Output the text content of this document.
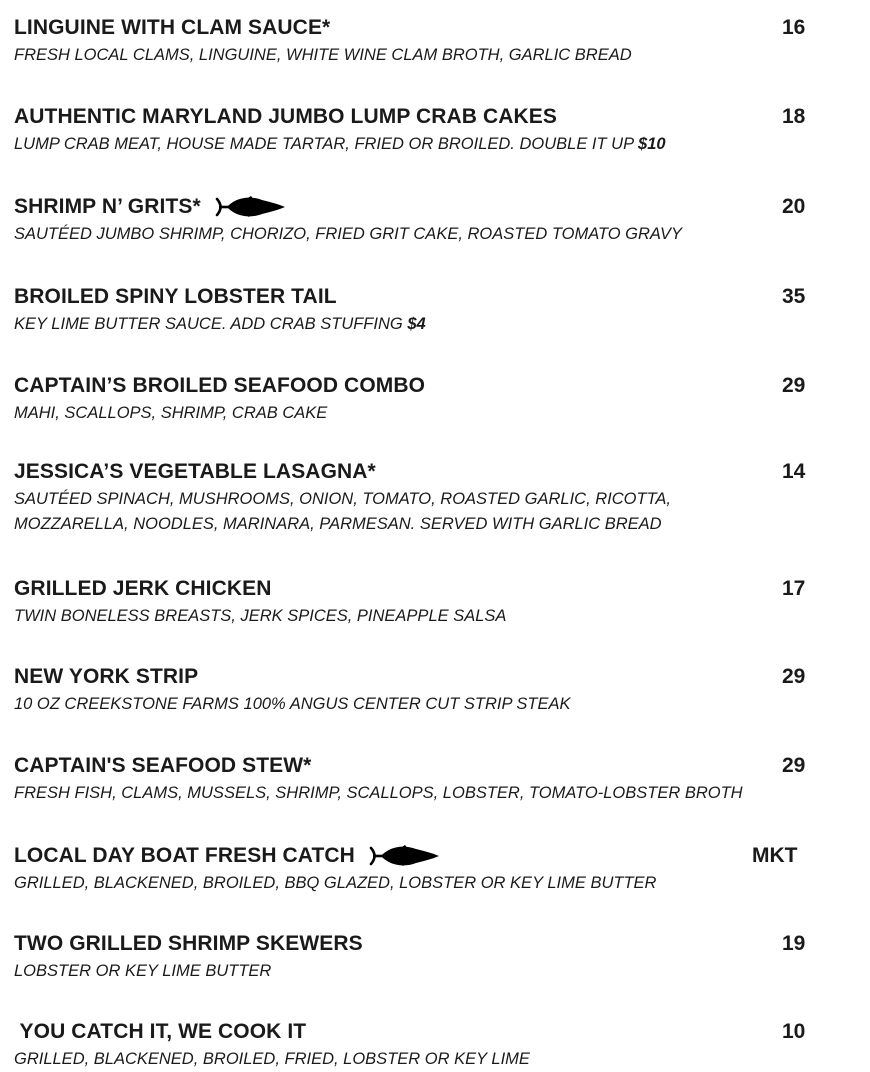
LINGUINE WITH CLAM SAUCE*	16
FRESH LOCAL CLAMS, LINGUINE, WHITE WINE CLAM BROTH, GARLIC BREAD
AUTHENTIC MARYLAND JUMBO LUMP CRAB CAKES	18
LUMP CRAB MEAT, HOUSE MADE TARTAR, FRIED OR BROILED. DOUBLE IT UP $10
SHRIMP N’ GRITS*	20
SAUTÉED JUMBO SHRIMP, CHORIZO, FRIED GRIT CAKE, ROASTED TOMATO GRAVY
BROILED SPINY LOBSTER TAIL	35
KEY LIME BUTTER SAUCE. ADD CRAB STUFFING $4
CAPTAIN’S BROILED SEAFOOD COMBO	29
MAHI, SCALLOPS, SHRIMP, CRAB CAKE
JESSICA’S VEGETABLE LASAGNA*	14
SAUTÉED SPINACH, MUSHROOMS, ONION, TOMATO, ROASTED GARLIC, RICOTTA,
MOZZARELLA, NOODLES, MARINARA, PARMESAN. SERVED WITH GARLIC BREAD
GRILLED JERK CHICKEN	17
TWIN BONELESS BREASTS, JERK SPICES, PINEAPPLE SALSA
NEW YORK STRIP	29
10 OZ CREEKSTONE FARMS 100% ANGUS CENTER CUT STRIP STEAK
CAPTAIN'S SEAFOOD STEW*	29
FRESH FISH, CLAMS, MUSSELS, SHRIMP, SCALLOPS, LOBSTER, TOMATO-LOBSTER BROTH
LOCAL DAY BOAT FRESH CATCH	MKT
GRILLED, BLACKENED, BROILED, BBQ GLAZED, LOBSTER OR KEY LIME BUTTER
TWO GRILLED SHRIMP SKEWERS	19
LOBSTER OR KEY LIME BUTTER
YOU CATCH IT, WE COOK IT	10
GRILLED, BLACKENED, BROILED, FRIED, LOBSTER OR KEY LIME
